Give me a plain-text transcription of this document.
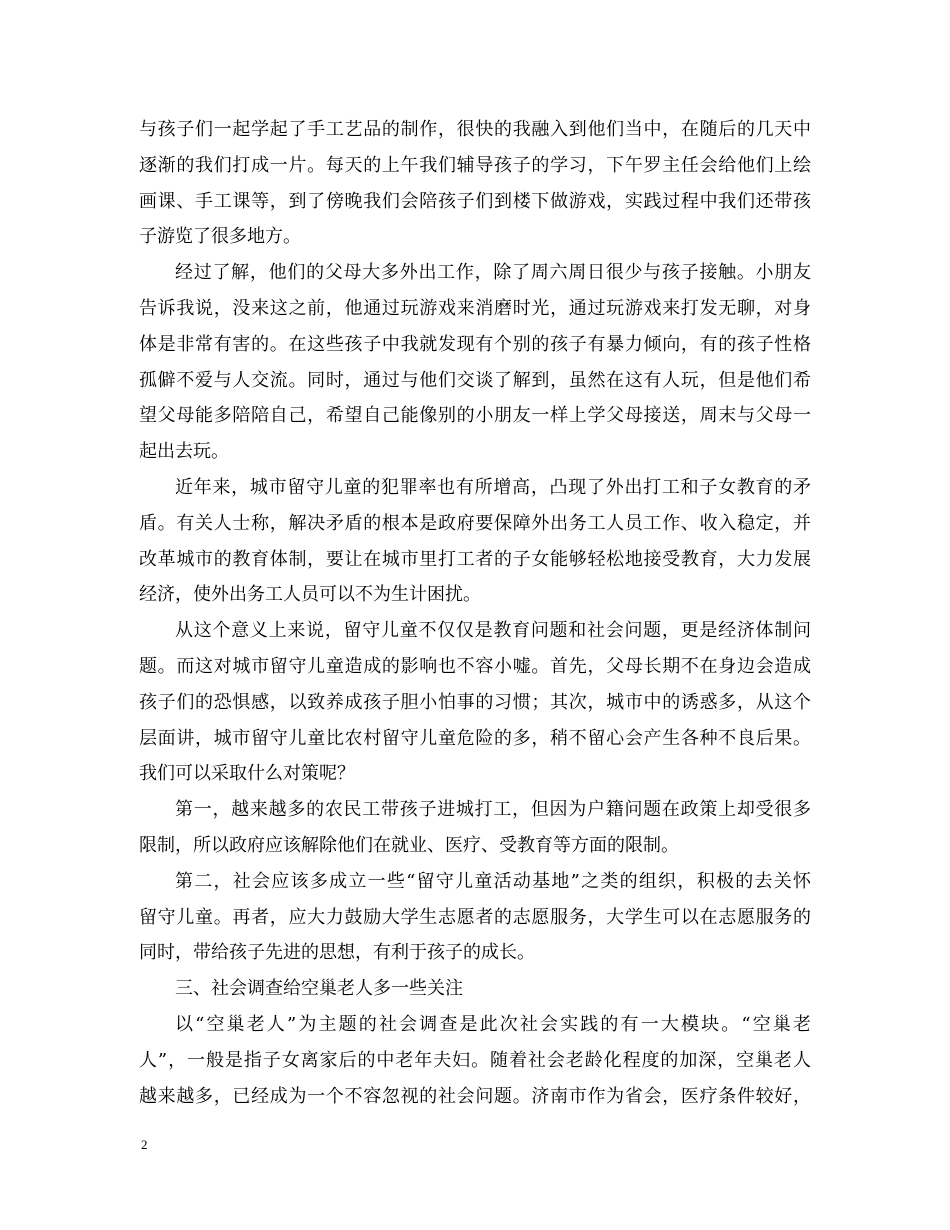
与孩子们一起学起了手工艺品的制作，很快的我融入到他们当中，在随后的几天中
逐渐的我们打成一片。每天的上午我们辅导孩子的学习，下午罗主任会给他们上绘
画课、手工课等，到了傍晚我们会陪孩子们到楼下做游戏，实践过程中我们还带孩
子游览了很多地方。
经过了解，他们的父母大多外出工作，除了周六周日很少与孩子接触。小朋友
告诉我说，没来这之前，他通过玩游戏来消磨时光，通过玩游戏来打发无聊，对身
体是非常有害的。在这些孩子中我就发现有个别的孩子有暴力倾向，有的孩子性格
孤僻不爱与人交流。同时，通过与他们交谈了解到，虽然在这有人玩，但是他们希
望父母能多陪陪自己，希望自己能像别的小朋友一样上学父母接送，周末与父母一
起出去玩。
近年来，城市留守儿童的犯罪率也有所增高，凸现了外出打工和子女教育的矛
盾。有关人士称，解决矛盾的根本是政府要保障外出务工人员工作、收入稳定，并
改革城市的教育体制，要让在城市里打工者的子女能够轻松地接受教育，大力发展
经济，使外出务工人员可以不为生计困扰。
从这个意义上来说，留守儿童不仅仅是教育问题和社会问题，更是经济体制问
题。而这对城市留守儿童造成的影响也不容小嘘。首先，父母长期不在身边会造成
孩子们的恐惧感，以致养成孩子胆小怕事的习惯；其次，城市中的诱惑多，从这个
层面讲，城市留守儿童比农村留守儿童危险的多，稍不留心会产生各种不良后果。
我们可以采取什么对策呢？
第一，越来越多的农民工带孩子进城打工，但因为户籍问题在政策上却受很多
限制，所以政府应该解除他们在就业、医疗、受教育等方面的限制。
第二，社会应该多成立一些“留守儿童活动基地”之类的组织，积极的去关怀
留守儿童。再者，应大力鼓励大学生志愿者的志愿服务，大学生可以在志愿服务的
同时，带给孩子先进的思想，有利于孩子的成长。
三、社会调查给空巢老人多一些关注
以“空巢老人”为主题的社会调查是此次社会实践的有一大模块。“空巢老
人”，一般是指子女离家后的中老年夫妇。随着社会老龄化程度的加深，空巢老人
越来越多，已经成为一个不容忽视的社会问题。济南市作为省会，医疗条件较好，
2
